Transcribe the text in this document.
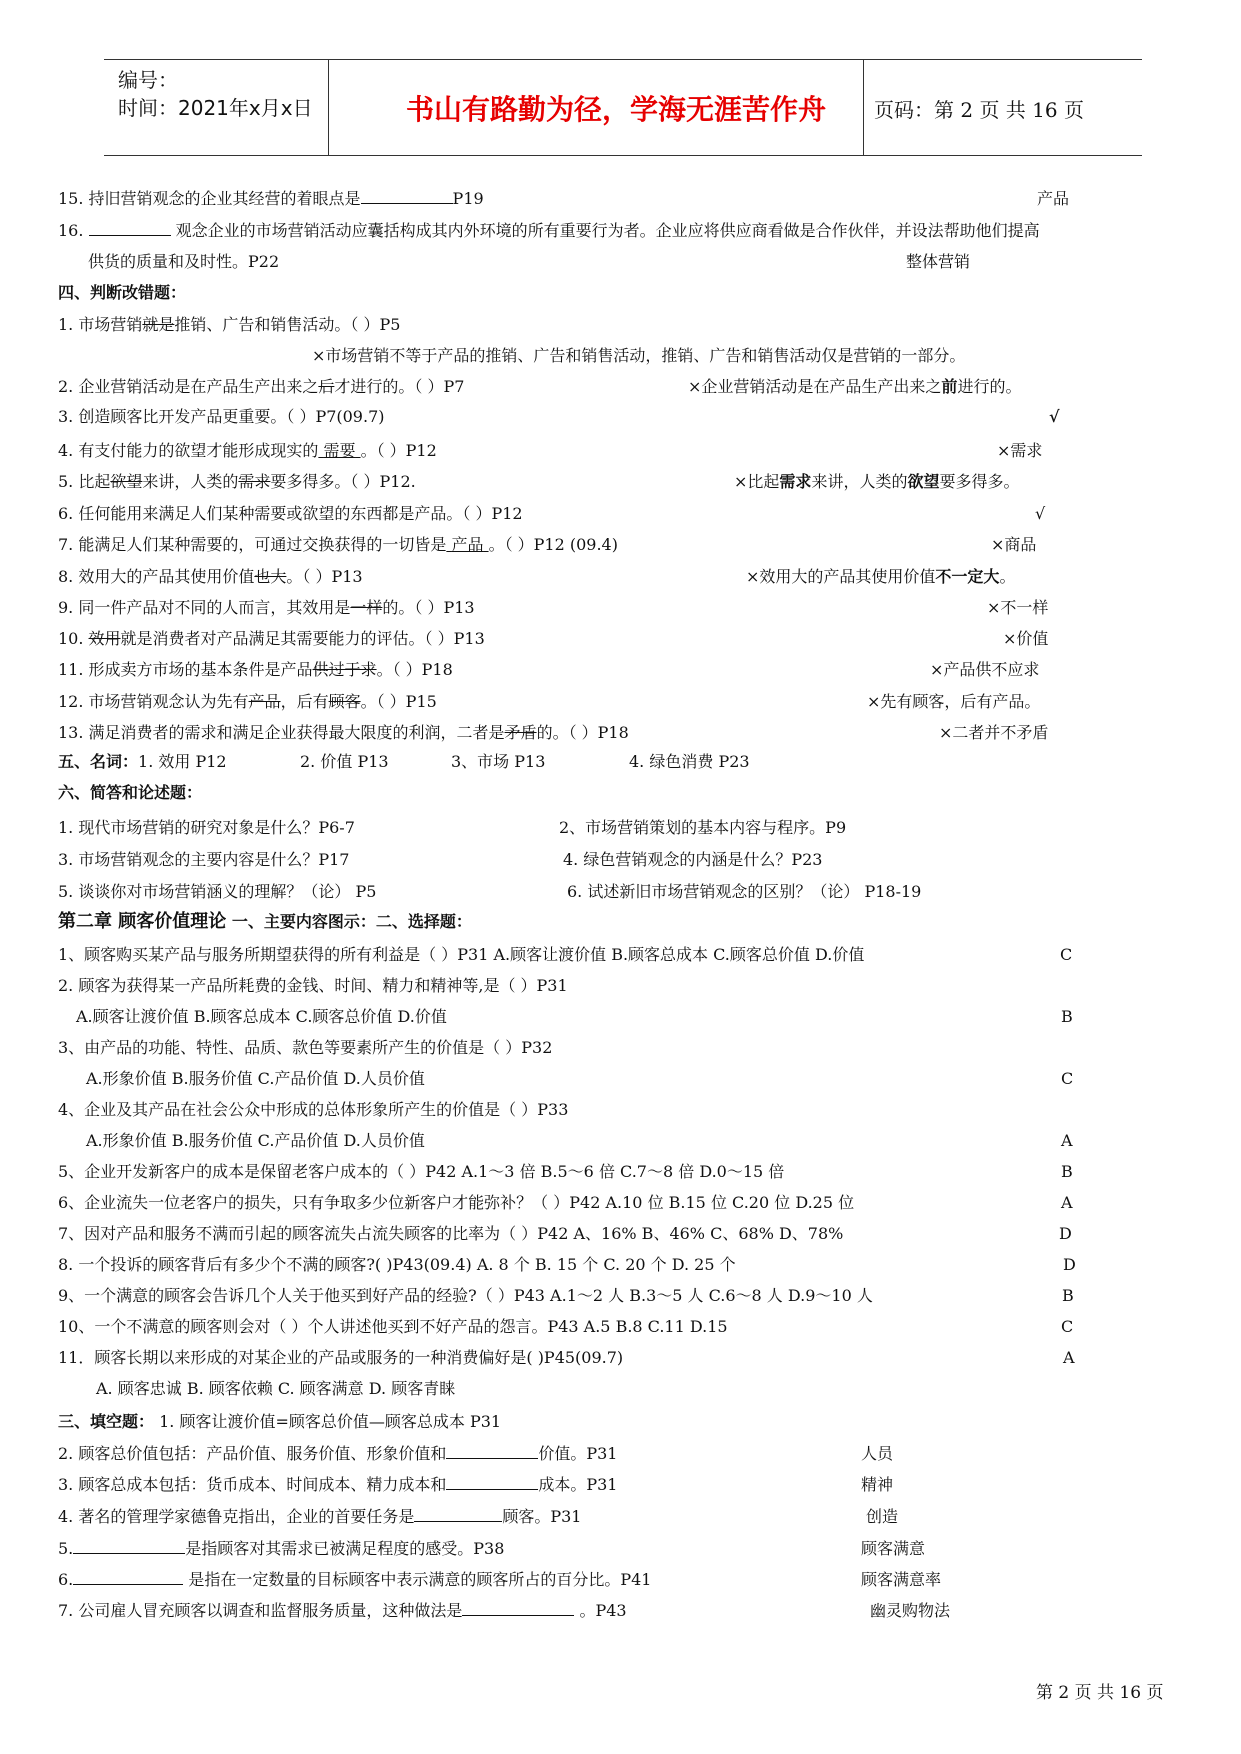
编号：
时间：2021年x月x日	书山有路勤为径，学海无涯苦作舟	页码：第 2 页 共 16 页
15. 持旧营销观念的企业其经营的着眼点是	P19	产品
16.	观念企业的市场营销活动应囊括构成其内外环境的所有重要行为者。企业应将供应商看做是合作伙伴，并设法帮助他们提高
供货的质量和及时性。P22	整体营销
四、判断改错题：
1. 市场营销就是推销、广告和销售活动。（ ）P5
×市场营销不等于产品的推销、广告和销售活动，推销、广告和销售活动仅是营销的一部分。
2. 企业营销活动是在产品生产出来之后才进行的。（ ）P7	×企业营销活动是在产品生产出来之前进行的。
3. 创造顾客比开发产品更重要。（ ）P7(09.7)	√
4. 有支付能力的欲望才能形成现实的 需要 。（ ）P12	×需求
5. 比起欲望来讲，人类的需求要多得多。（ ）P12.	×比起需求来讲，人类的欲望要多得多。
6. 任何能用来满足人们某种需要或欲望的东西都是产品。（ ）P12	√
7. 能满足人们某种需要的，可通过交换获得的一切皆是 产品 。（ ）P12 (09.4)	×商品
8. 效用大的产品其使用价值也大。（ ）P13	×效用大的产品其使用价值不一定大。
9. 同一件产品对不同的人而言，其效用是一样的。（ ）P13	×不一样
10. 效用就是消费者对产品满足其需要能力的评估。（ ）P13	×价值
11. 形成卖方市场的基本条件是产品供过于求。（ ）P18	×产品供不应求
12. 市场营销观念认为先有产品，后有顾客。（ ）P15	×先有顾客，后有产品。
13. 满足消费者的需求和满足企业获得最大限度的利润，二者是矛盾的。（ ）P18	×二者并不矛盾
五、名词：1. 效用 P12	2. 价值 P13	3、市场 P13	4. 绿色消费 P23
六、简答和论述题：
1. 现代市场营销的研究对象是什么？P6-7	2、市场营销策划的基本内容与程序。P9
3. 市场营销观念的主要内容是什么？P17	4. 绿色营销观念的内涵是什么？P23
5. 谈谈你对市场营销涵义的理解？（论） P5	6. 试述新旧市场营销观念的区别？（论） P18-19
第二章 顾客价值理论 一、主要内容图示：二、选择题：
1、顾客购买某产品与服务所期望获得的所有利益是（ ）P31 A.顾客让渡价值 B.顾客总成本 C.顾客总价值 D.价值	C
2. 顾客为获得某一产品所耗费的金钱、时间、精力和精神等,是（ ）P31
A.顾客让渡价值 B.顾客总成本 C.顾客总价值 D.价值	B
3、由产品的功能、特性、品质、款色等要素所产生的价值是（ ）P32
A.形象价值 B.服务价值 C.产品价值 D.人员价值	C
4、企业及其产品在社会公众中形成的总体形象所产生的价值是（ ）P33
A.形象价值 B.服务价值 C.产品价值 D.人员价值	A
5、企业开发新客户的成本是保留老客户成本的（ ）P42 A.1～3 倍 B.5～6 倍 C.7～8 倍 D.0～15 倍	B
6、企业流失一位老客户的损失，只有争取多少位新客户才能弥补？（ ）P42 A.10 位 B.15 位 C.20 位 D.25 位	A
7、因对产品和服务不满而引起的顾客流失占流失顾客的比率为（ ）P42 A、16% B、46% C、68% D、78%	D
8. 一个投诉的顾客背后有多少个不满的顾客?( )P43(09.4) A. 8 个 B. 15 个 C. 20 个 D. 25 个	D
9、一个满意的顾客会告诉几个人关于他买到好产品的经验?（ ）P43 A.1～2 人 B.3～5 人 C.6～8 人 D.9～10 人	B
10、一个不满意的顾客则会对（ ）个人讲述他买到不好产品的怨言。P43 A.5 B.8 C.11 D.15	C
11．顾客长期以来形成的对某企业的产品或服务的一种消费偏好是( )P45(09.7)	A
A. 顾客忠诚 B. 顾客依赖 C. 顾客满意 D. 顾客青睐
三、填空题： 1. 顾客让渡价值=顾客总价值—顾客总成本 P31
2. 顾客总价值包括：产品价值、服务价值、形象价值和	价值。P31	人员
3. 顾客总成本包括：货币成本、时间成本、精力成本和	成本。P31	精神
4. 著名的管理学家德鲁克指出，企业的首要任务是	顾客。P31	创造
5.	是指顾客对其需求已被满足程度的感受。P38	顾客满意
6.	是指在一定数量的目标顾客中表示满意的顾客所占的百分比。P41	顾客满意率
7. 公司雇人冒充顾客以调查和监督服务质量，这种做法是	。P43	幽灵购物法
第 2 页 共 16 页
